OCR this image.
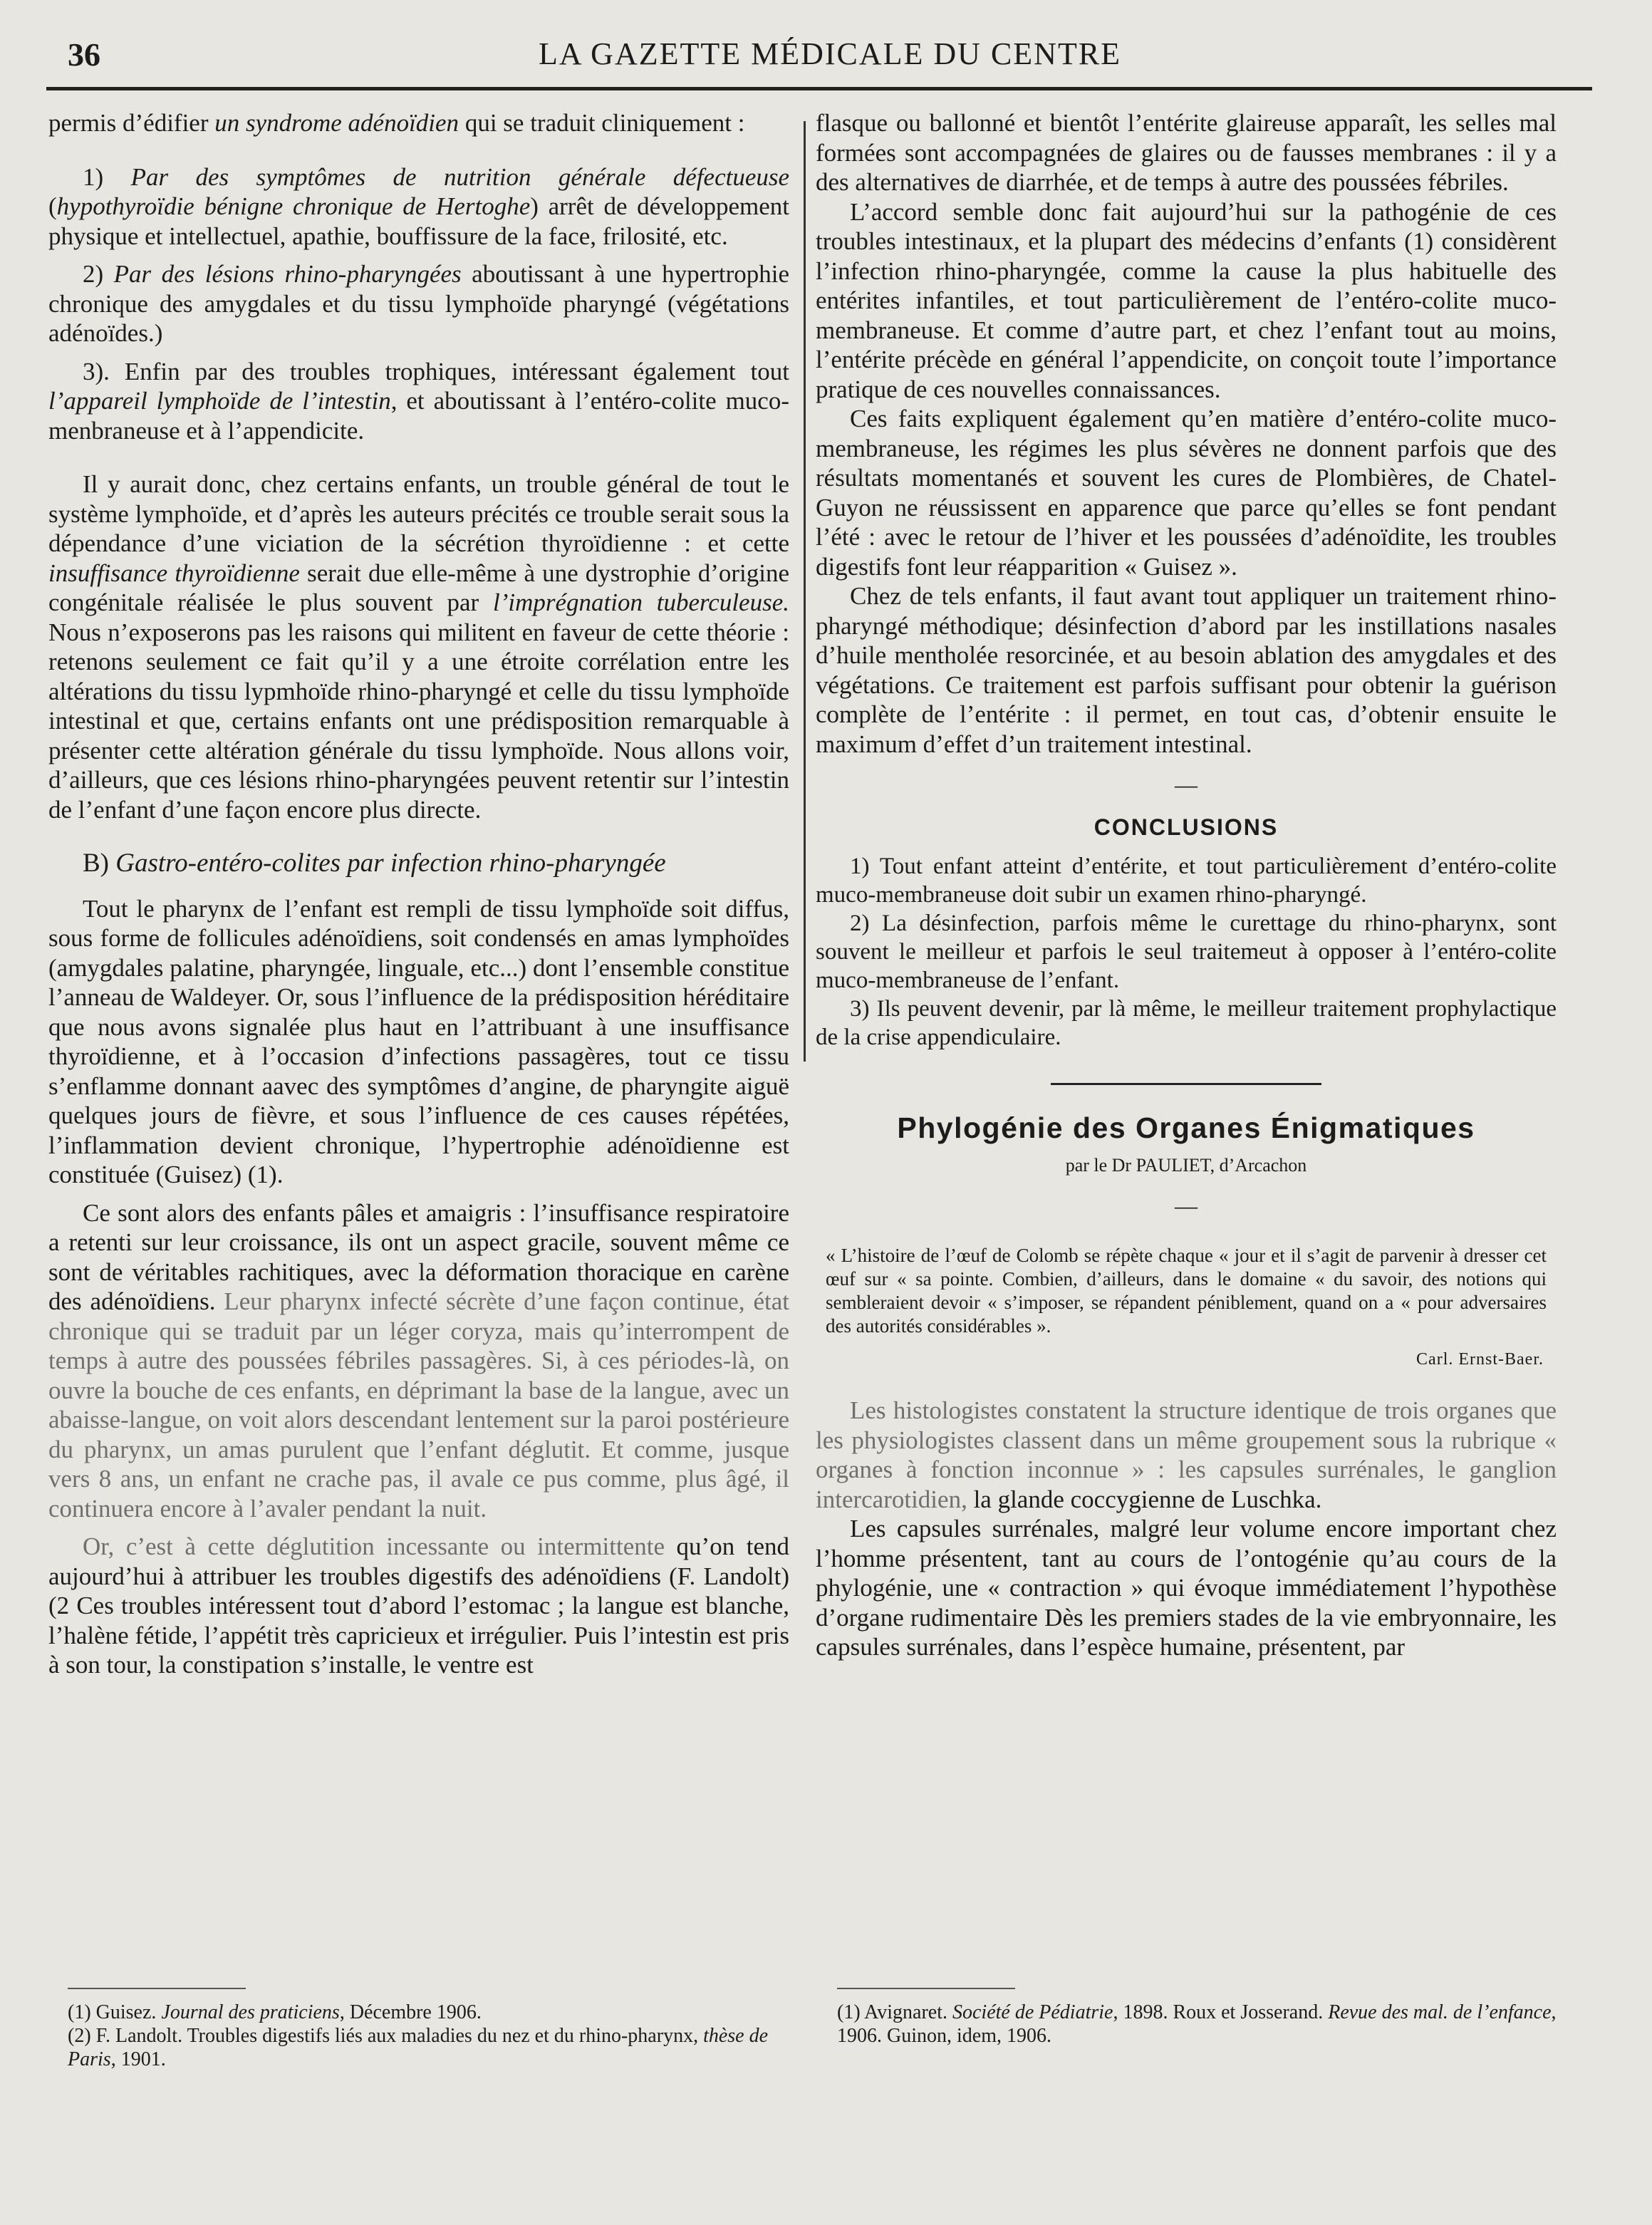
36	LA GAZETTE MÉDICALE DU CENTRE

permis d’édifier un syndrome adénoïdien qui se traduit cliniquement :

1) Par des symptômes de nutrition générale défectueuse (hypothyroïdie bénigne chronique de Hertoghe) arrêt de développement physique et intellectuel, apathie, bouffissure de la face, frilosité, etc.

2) Par des lésions rhino-pharyngées aboutissant à une hypertrophie chronique des amygdales et du tissu lymphoïde pharyngé (végétations adénoïdes.)

3). Enfin par des troubles trophiques, intéressant également tout l’appareil lymphoïde de l’intestin, et aboutissant à l’entéro-colite muco-menbraneuse et à l’appendicite.

Il y aurait donc, chez certains enfants, un trouble général de tout le système lymphoïde, et d’après les auteurs précités ce trouble serait sous la dépendance d’une viciation de la sécrétion thyroïdienne : et cette insuffisance thyroïdienne serait due elle-même à une dystrophie d’origine congénitale réalisée le plus souvent par l’imprégnation tuberculeuse. Nous n’exposerons pas les raisons qui militent en faveur de cette théorie : retenons seulement ce fait qu’il y a une étroite corrélation entre les altérations du tissu lypmhoïde rhino-pharyngé et celle du tissu lymphoïde intestinal et que, certains enfants ont une prédisposition remarquable à présenter cette altération générale du tissu lymphoïde. Nous allons voir, d’ailleurs, que ces lésions rhino-pharyngées peuvent retentir sur l’intestin de l’enfant d’une façon encore plus directe.

B) Gastro-entéro-colites par infection rhino-pharyngée

Tout le pharynx de l’enfant est rempli de tissu lymphoïde soit diffus, sous forme de follicules adénoïdiens, soit condensés en amas lymphoïdes (amygdales palatine, pharyngée, linguale, etc...) dont l’ensemble constitue l’anneau de Waldeyer. Or, sous l’influence de la prédisposition héréditaire que nous avons signalée plus haut en l’attribuant à une insuffisance thyroïdienne, et à l’occasion d’infections passagères, tout ce tissu s’enflamme donnant aavec des symptômes d’angine, de pharyngite aiguë quelques jours de fièvre, et sous l’influence de ces causes répétées, l’inflammation devient chronique, l’hypertrophie adénoïdienne est constituée (Guisez) (1).

Ce sont alors des enfants pâles et amaigris : l’insuffisance respiratoire a retenti sur leur croissance, ils ont un aspect gracile, souvent même ce sont de véritables rachitiques, avec la déformation thoracique en carène des adénoïdiens. Leur pharynx infecté sécrète d’une façon continue, état chronique qui se traduit par un léger coryza, mais qu’interrompent de temps à autre des poussées fébriles passagères. Si, à ces périodes-là, on ouvre la bouche de ces enfants, en déprimant la base de la langue, avec un abaisse-langue, on voit alors descendant lentement sur la paroi postérieure du pharynx, un amas purulent que l’enfant déglutit. Et comme, jusque vers 8 ans, un enfant ne crache pas, il avale ce pus comme, plus âgé, il continuera encore à l’avaler pendant la nuit.

Or, c’est à cette déglutition incessante ou intermittente qu’on tend aujourd’hui à attribuer les troubles digestifs des adénoïdiens (F. Landolt) (2 Ces troubles intéressent tout d’abord l’estomac ; la langue est blanche, l’halène fétide, l’appétit très capricieux et irrégulier. Puis l’intestin est pris à son tour, la constipation s’installe, le ventre est

(1) Guisez. Journal des praticiens, Décembre 1906.

(2) F. Landolt. Troubles digestifs liés aux maladies du nez et du rhino-pharynx, thèse de Paris, 1901.

flasque ou ballonné et bientôt l’entérite glaireuse apparaît, les selles mal formées sont accompagnées de glaires ou de fausses membranes : il y a des alternatives de diarrhée, et de temps à autre des poussées fébriles.

L’accord semble donc fait aujourd’hui sur la pathogénie de ces troubles intestinaux, et la plupart des médecins d’enfants (1) considèrent l’infection rhino-pharyngée, comme la cause la plus habituelle des entérites infantiles, et tout particulièrement de l’entéro-colite muco-membraneuse. Et comme d’autre part, et chez l’enfant tout au moins, l’entérite précède en général l’appendicite, on conçoit toute l’importance pratique de ces nouvelles connaissances.

Ces faits expliquent également qu’en matière d’entéro-colite muco-membraneuse, les régimes les plus sévères ne donnent parfois que des résultats momentanés et souvent les cures de Plombières, de Chatel-Guyon ne réussissent en apparence que parce qu’elles se font pendant l’été : avec le retour de l’hiver et les poussées d’adénoïdite, les troubles digestifs font leur réapparition « Guisez ».

Chez de tels enfants, il faut avant tout appliquer un traitement rhino-pharyngé méthodique; désinfection d’abord par les instillations nasales d’huile mentholée resorcinée, et au besoin ablation des amygdales et des végétations. Ce traitement est parfois suffisant pour obtenir la guérison complète de l’entérite : il permet, en tout cas, d’obtenir ensuite le maximum d’effet d’un traitement intestinal.

—
CONCLUSIONS

1) Tout enfant atteint d’entérite, et tout particulièrement d’entéro-colite muco-membraneuse doit subir un examen rhino-pharyngé.

2) La désinfection, parfois même le curettage du rhino-pharynx, sont souvent le meilleur et parfois le seul traitemeut à opposer à l’entéro-colite muco-membraneuse de l’enfant.

3) Ils peuvent devenir, par là même, le meilleur traitement prophylactique de la crise appendiculaire.

Phylogénie des Organes Énigmatiques
par le Dr PAULIET, d’Arcachon
—

« L’histoire de l’œuf de Colomb se répète chaque « jour et il s’agit de parvenir à dresser cet œuf sur « sa pointe. Combien, d’ailleurs, dans le domaine « du savoir, des notions qui sembleraient devoir « s’imposer, se répandent péniblement, quand on a « pour adversaires des autorités considérables ».

Carl. Ernst-Baer.

Les histologistes constatent la structure identique de trois organes que les physiologistes classent dans un même groupement sous la rubrique « organes à fonction inconnue » : les capsules surrénales, le ganglion intercarotidien, la glande coccygienne de Luschka.

Les capsules surrénales, malgré leur volume encore important chez l’homme présentent, tant au cours de l’ontogénie qu’au cours de la phylogénie, une « contraction » qui évoque immédiatement l’hypothèse d’organe rudimentaire Dès les premiers stades de la vie embryonnaire, les capsules surrénales, dans l’espèce humaine, présentent, par

(1) Avignaret. Société de Pédiatrie, 1898. Roux et Josserand. Revue des mal. de l’enfance, 1906. Guinon, idem, 1906.
